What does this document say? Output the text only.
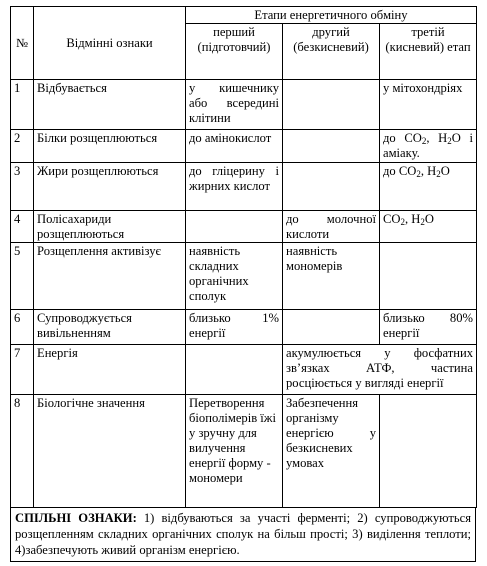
№	Відмінні ознаки	Етапи енергетичного обміну		
		перший (підготовчий)	другий (безкисневий)	третій (кисневий) етап
1	Відбувається	у кишечнику або всередині клітини		у мітохондріях
2	Білки розщеплюються	до амінокислот		до $CO_2$, $H_2O$ і аміаку.
3	Жири розщеплюються	до гліцерину і жирних кислот		до $CO_2$, $H_2O$
4	Полісахариди розщеплюються		до молочної кислоти	$CO_2$, $H_2O$
5	Розщеплення активізує	наявність складних органічних сполук	наявність мономерів	
6	Супроводжується вивільненням	близько 1% енергії		близько 80% енергії
7	Енергія		акумулюється у фосфатних зв’язках АТФ, частина росціюється у вигляді енергії	
8	Біологічне значення	Перетворення біополімерів їжі у зручну для вилучення енергії форму - мономери	Забезпечення організму енергією у безкисневих умовах	
СПІЛЬНІ ОЗНАКИ: 1) відбуваються за участі ферменті; 2) супроводжуються розщепленням складних органічних сполук на більш прості; 3) виділення теплоти; 4)забезпечують живий організм енергією.
